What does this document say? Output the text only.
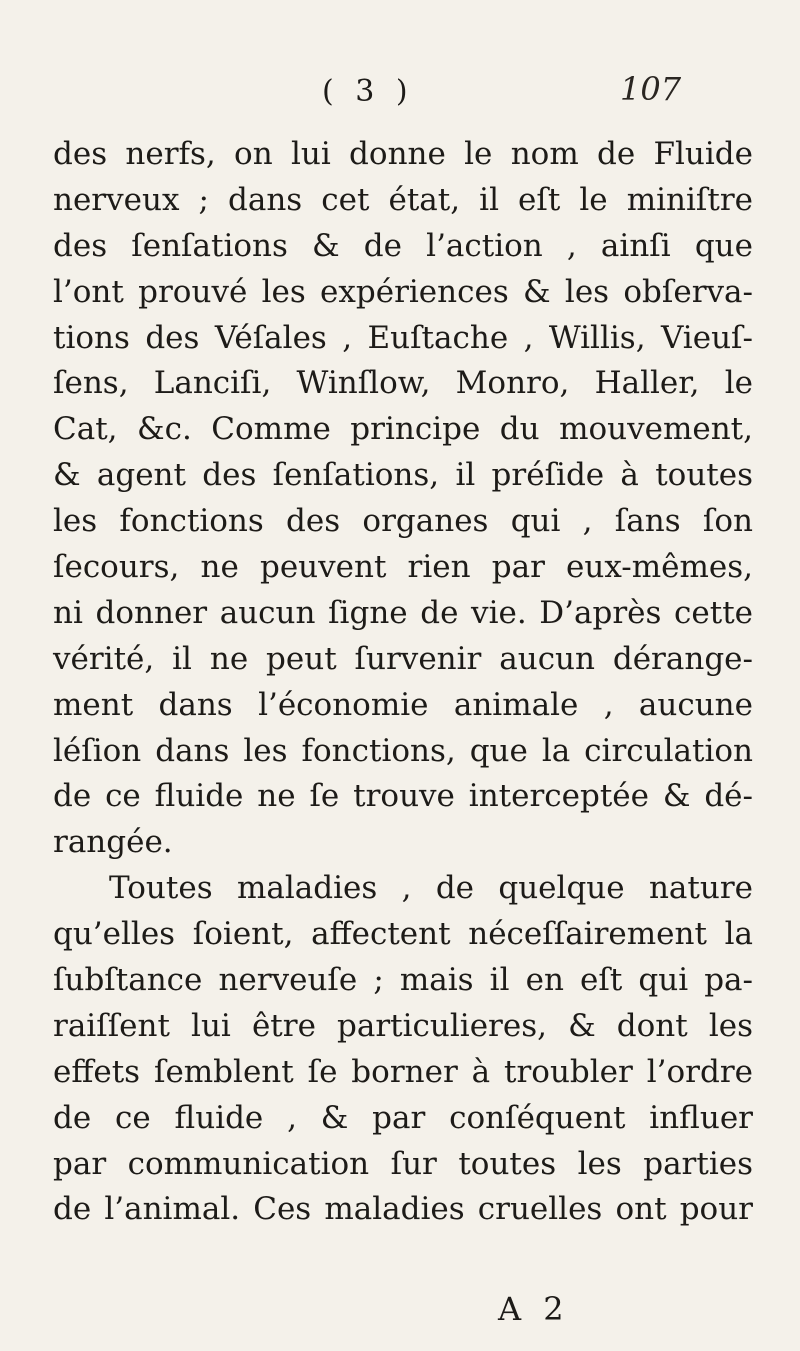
( 3 )	107
des nerfs, on lui donne le nom de Fluide
nerveux ; dans cet état, il eſt le miniſtre
des ſenſations & de l’action , ainſi que
l’ont prouvé les expériences & les obſerva-
tions des Véſales , Euſtache , Willis, Vieuſ-
ſens, Lanciſi, Winſlow, Monro, Haller, le
Cat, &c. Comme principe du mouvement,
& agent des ſenſations, il préſide à toutes
les fonctions des organes qui , ſans ſon
ſecours, ne peuvent rien par eux-mêmes,
ni donner aucun ſigne de vie. D’après cette
vérité, il ne peut ſurvenir aucun dérange-
ment dans l’économie animale , aucune
léſion dans les fonctions, que la circulation
de ce fluide ne ſe trouve interceptée & dé-
rangée.
Toutes maladies , de quelque nature
qu’elles ſoient, affectent néceſſairement la
ſubſtance nerveuſe ; mais il en eſt qui pa-
raiſſent lui être particulieres, & dont les
effets ſemblent ſe borner à troubler l’ordre
de ce fluide , & par conſéquent influer
par communication ſur toutes les parties
de l’animal. Ces maladies cruelles ont pour
A 2
